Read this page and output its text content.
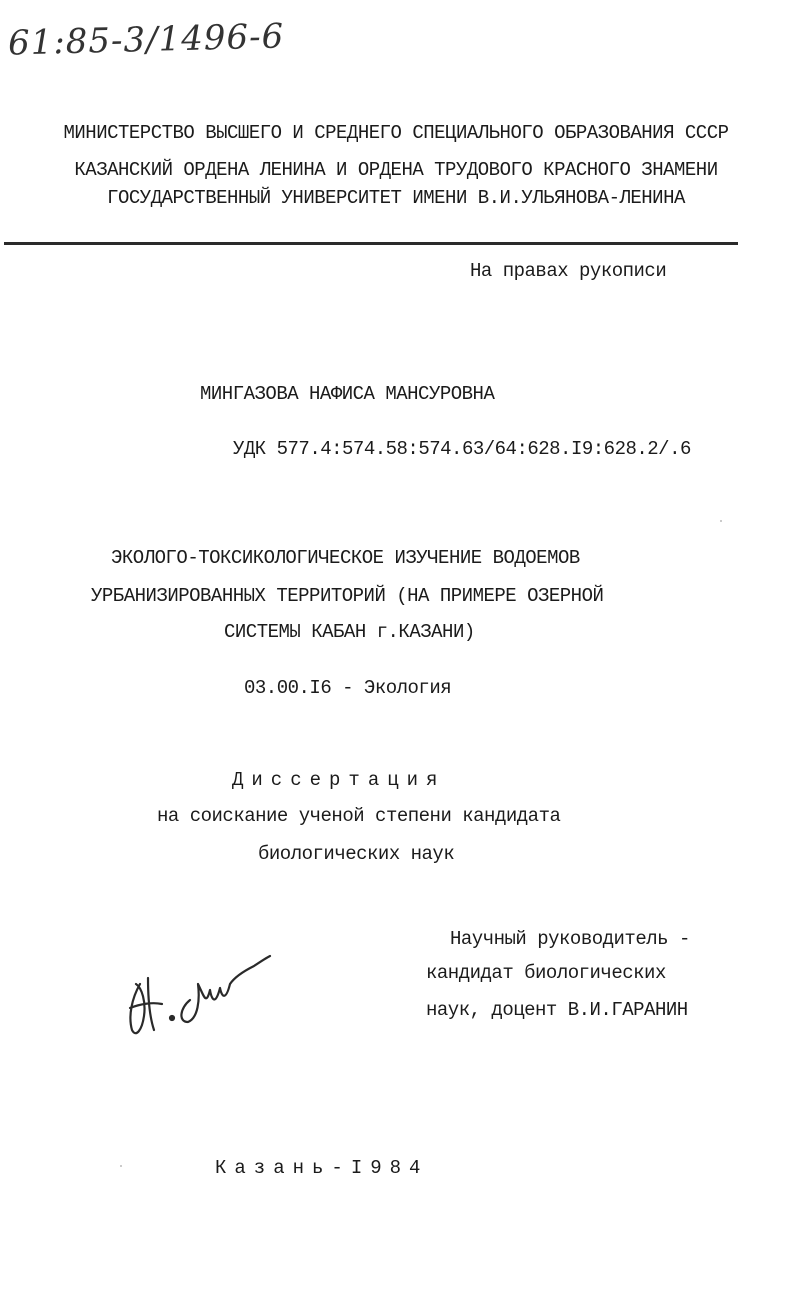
61:85-3/1496-6
МИНИСТЕРСТВО ВЫСШЕГО И СРЕДНЕГО СПЕЦИАЛЬНОГО ОБРАЗОВАНИЯ СССР
КАЗАНСКИЙ ОРДЕНА ЛЕНИНА И ОРДЕНА ТРУДОВОГО КРАСНОГО ЗНАМЕНИ
ГОСУДАРСТВЕННЫЙ УНИВЕРСИТЕТ ИМЕНИ В.И.УЛЬЯНОВА-ЛЕНИНА
На правах рукописи
МИНГАЗОВА НАФИСА МАНСУРОВНА
УДК 577.4:574.58:574.63/64:628.I9:628.2/.6
ЭКОЛОГО-ТОКСИКОЛОГИЧЕСКОЕ ИЗУЧЕНИЕ ВОДОЕМОВ
УРБАНИЗИРОВАННЫХ ТЕРРИТОРИЙ (НА ПРИМЕРЕ ОЗЕРНОЙ
СИСТЕМЫ КАБАН г.КАЗАНИ)
03.00.I6 - Экология
Диссертация
на соискание ученой степени кандидата
биологических наук
Научный руководитель -
кандидат биологических
наук, доцент В.И.ГАРАНИН
Казань-I984
